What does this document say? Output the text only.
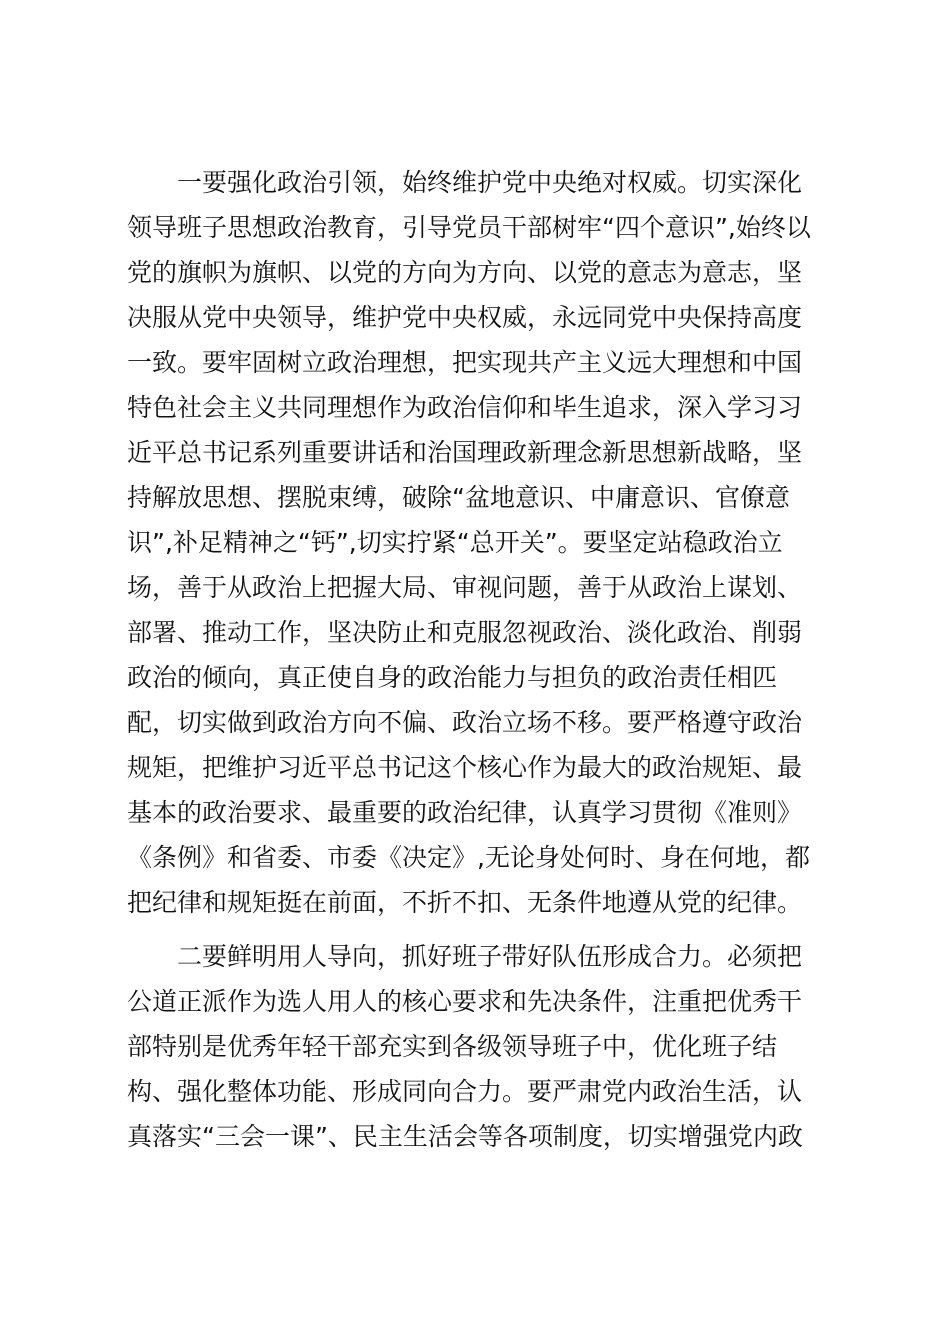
一要强化政治引领，始终维护党中央绝对权威。切实深化
领导班子思想政治教育，引导党员干部树牢“四个意识”,始终以
党的旗帜为旗帜、以党的方向为方向、以党的意志为意志，坚
决服从党中央领导，维护党中央权威，永远同党中央保持高度
一致。要牢固树立政治理想，把实现共产主义远大理想和中国
特色社会主义共同理想作为政治信仰和毕生追求，深入学习习
近平总书记系列重要讲话和治国理政新理念新思想新战略，坚
持解放思想、摆脱束缚，破除“盆地意识、中庸意识、官僚意
识”,补足精神之“钙”,切实拧紧“总开关”。要坚定站稳政治立
场，善于从政治上把握大局、审视问题，善于从政治上谋划、
部署、推动工作，坚决防止和克服忽视政治、淡化政治、削弱
政治的倾向，真正使自身的政治能力与担负的政治责任相匹
配，切实做到政治方向不偏、政治立场不移。要严格遵守政治
规矩，把维护习近平总书记这个核心作为最大的政治规矩、最
基本的政治要求、最重要的政治纪律，认真学习贯彻《准则》
《条例》和省委、市委《决定》,无论身处何时、身在何地，都
把纪律和规矩挺在前面，不折不扣、无条件地遵从党的纪律。
二要鲜明用人导向，抓好班子带好队伍形成合力。必须把
公道正派作为选人用人的核心要求和先决条件，注重把优秀干
部特别是优秀年轻干部充实到各级领导班子中，优化班子结
构、强化整体功能、形成同向合力。要严肃党内政治生活，认
真落实“三会一课”、民主生活会等各项制度，切实增强党内政
